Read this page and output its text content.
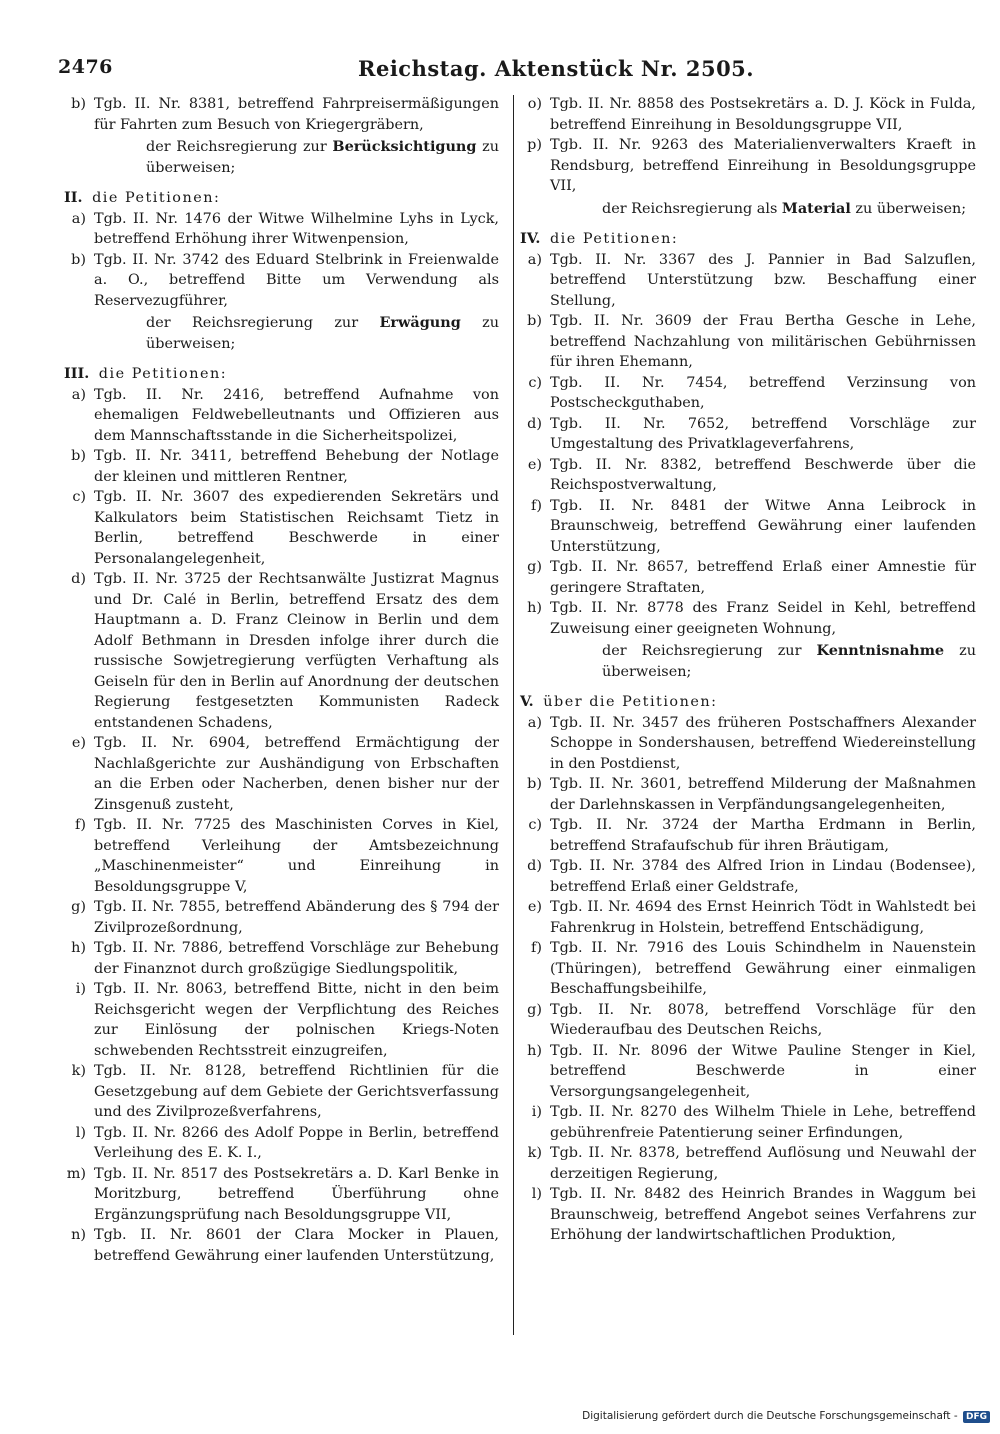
2476	Reichstag. Aktenstück Nr. 2505.
b) Tgb. II. Nr. 8381, betreffend Fahrpreisermäßigungen für Fahrten zum Besuch von Kriegergräbern,
der Reichsregierung zur Berücksichtigung zu überweisen;
II. die Petitionen:
a) Tgb. II. Nr. 1476 der Witwe Wilhelmine Lyhs in Lyck, betreffend Erhöhung ihrer Witwenpension,
b) Tgb. II. Nr. 3742 des Eduard Stelbrink in Freienwalde a. O., betreffend Bitte um Verwendung als Reservezugführer,
der Reichsregierung zur Erwägung zu überweisen;
III. die Petitionen:
a) Tgb. II. Nr. 2416, betreffend Aufnahme von ehemaligen Feldwebelleutnants und Offizieren aus dem Mannschaftsstande in die Sicherheitspolizei,
b) Tgb. II. Nr. 3411, betreffend Behebung der Notlage der kleinen und mittleren Rentner,
c) Tgb. II. Nr. 3607 des expedierenden Sekretärs und Kalkulators beim Statistischen Reichsamt Tietz in Berlin, betreffend Beschwerde in einer Personalangelegenheit,
d) Tgb. II. Nr. 3725 der Rechtsanwälte Justizrat Magnus und Dr. Calé in Berlin, betreffend Ersatz des dem Hauptmann a. D. Franz Cleinow in Berlin und dem Adolf Bethmann in Dresden infolge ihrer durch die russische Sowjetregierung verfügten Verhaftung als Geiseln für den in Berlin auf Anordnung der deutschen Regierung festgesetzten Kommunisten Radeck entstandenen Schadens,
e) Tgb. II. Nr. 6904, betreffend Ermächtigung der Nachlaßgerichte zur Aushändigung von Erbschaften an die Erben oder Nacherben, denen bisher nur der Zinsgenuß zusteht,
f) Tgb. II. Nr. 7725 des Maschinisten Corves in Kiel, betreffend Verleihung der Amtsbezeichnung „Maschinenmeister“ und Einreihung in Besoldungsgruppe V,
g) Tgb. II. Nr. 7855, betreffend Abänderung des § 794 der Zivilprozeßordnung,
h) Tgb. II. Nr. 7886, betreffend Vorschläge zur Behebung der Finanznot durch großzügige Siedlungspolitik,
i) Tgb. II. Nr. 8063, betreffend Bitte, nicht in den beim Reichsgericht wegen der Verpflichtung des Reiches zur Einlösung der polnischen Kriegs-Noten schwebenden Rechtsstreit einzugreifen,
k) Tgb. II. Nr. 8128, betreffend Richtlinien für die Gesetzgebung auf dem Gebiete der Gerichtsverfassung und des Zivilprozeßverfahrens,
l) Tgb. II. Nr. 8266 des Adolf Poppe in Berlin, betreffend Verleihung des E. K. I.,
m) Tgb. II. Nr. 8517 des Postsekretärs a. D. Karl Benke in Moritzburg, betreffend Überführung ohne Ergänzungsprüfung nach Besoldungsgruppe VII,
n) Tgb. II. Nr. 8601 der Clara Mocker in Plauen, betreffend Gewährung einer laufenden Unterstützung,
o) Tgb. II. Nr. 8858 des Postsekretärs a. D. J. Köck in Fulda, betreffend Einreihung in Besoldungsgruppe VII,
p) Tgb. II. Nr. 9263 des Materialienverwalters Kraeft in Rendsburg, betreffend Einreihung in Besoldungsgruppe VII,
der Reichsregierung als Material zu überweisen;
IV. die Petitionen:
a) Tgb. II. Nr. 3367 des J. Pannier in Bad Salzuflen, betreffend Unterstützung bzw. Beschaffung einer Stellung,
b) Tgb. II. Nr. 3609 der Frau Bertha Gesche in Lehe, betreffend Nachzahlung von militärischen Gebührnissen für ihren Ehemann,
c) Tgb. II. Nr. 7454, betreffend Verzinsung von Postscheckguthaben,
d) Tgb. II. Nr. 7652, betreffend Vorschläge zur Umgestaltung des Privatklageverfahrens,
e) Tgb. II. Nr. 8382, betreffend Beschwerde über die Reichspostverwaltung,
f) Tgb. II. Nr. 8481 der Witwe Anna Leibrock in Braunschweig, betreffend Gewährung einer laufenden Unterstützung,
g) Tgb. II. Nr. 8657, betreffend Erlaß einer Amnestie für geringere Straftaten,
h) Tgb. II. Nr. 8778 des Franz Seidel in Kehl, betreffend Zuweisung einer geeigneten Wohnung,
der Reichsregierung zur Kenntnisnahme zu überweisen;
V. über die Petitionen:
a) Tgb. II. Nr. 3457 des früheren Postschaffners Alexander Schoppe in Sondershausen, betreffend Wiedereinstellung in den Postdienst,
b) Tgb. II. Nr. 3601, betreffend Milderung der Maßnahmen der Darlehnskassen in Verpfändungsangelegenheiten,
c) Tgb. II. Nr. 3724 der Martha Erdmann in Berlin, betreffend Strafaufschub für ihren Bräutigam,
d) Tgb. II. Nr. 3784 des Alfred Irion in Lindau (Bodensee), betreffend Erlaß einer Geldstrafe,
e) Tgb. II. Nr. 4694 des Ernst Heinrich Tödt in Wahlstedt bei Fahrenkrug in Holstein, betreffend Entschädigung,
f) Tgb. II. Nr. 7916 des Louis Schindhelm in Nauenstein (Thüringen), betreffend Gewährung einer einmaligen Beschaffungsbeihilfe,
g) Tgb. II. Nr. 8078, betreffend Vorschläge für den Wiederaufbau des Deutschen Reichs,
h) Tgb. II. Nr. 8096 der Witwe Pauline Stenger in Kiel, betreffend Beschwerde in einer Versorgungsangelegenheit,
i) Tgb. II. Nr. 8270 des Wilhelm Thiele in Lehe, betreffend gebührenfreie Patentierung seiner Erfindungen,
k) Tgb. II. Nr. 8378, betreffend Auflösung und Neuwahl der derzeitigen Regierung,
l) Tgb. II. Nr. 8482 des Heinrich Brandes in Waggum bei Braunschweig, betreffend Angebot seines Verfahrens zur Erhöhung der landwirtschaftlichen Produktion,
Digitalisierung gefördert durch die Deutsche Forschungsgemeinschaft - DFG
